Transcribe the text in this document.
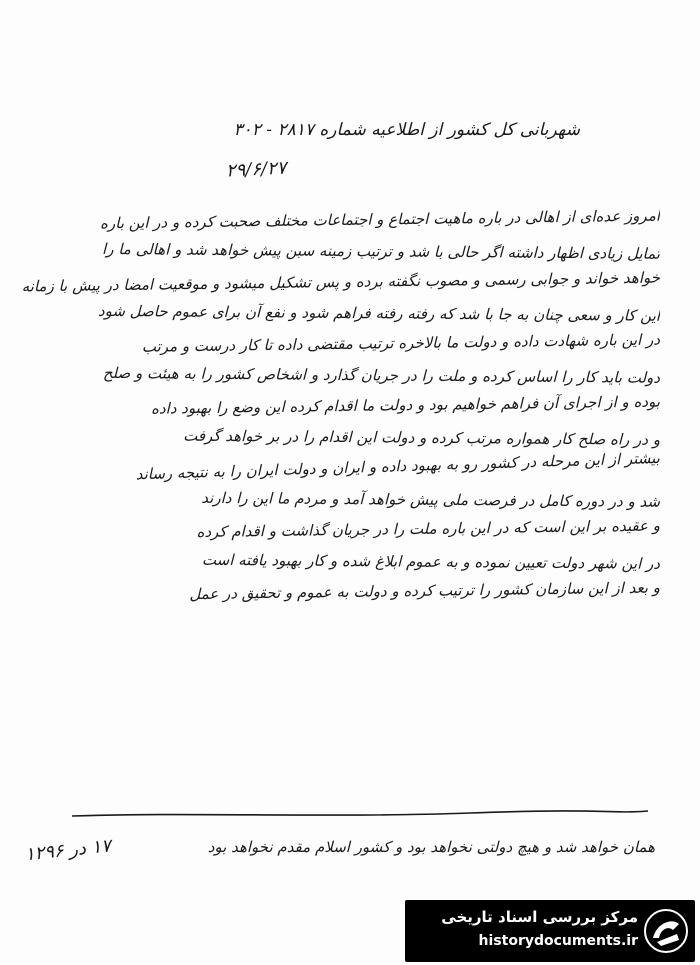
شهربانی کل کشور از اطلاعیه شماره ۲۸۱۷ - ۳۰۲
۲۹/۶/۲۷
امروز عده‌ای از اهالی در باره ماهیت اجتماع و اجتماعات مختلف صحبت کرده و در این باره
تمایل زیادی اظهار داشته اگر حالی با شد و ترتیب زمینه سبن پیش خواهد شد و اهالی ما را
خواهد خواند و جوابی رسمی و مصوب نگفته برده و پس تشکیل میشود و موقعیت امضا در پیش با زمانه
این کار و سعی چنان به جا با شد که رفته رفته فراهم شود و نفع آن برای عموم حاصل شود
در این باره شهادت داده و دولت ما بالاخره ترتیب مقتضی داده تا کار درست و مرتب
دولت باید کار را اساس کرده و ملت را در جریان گذارد و اشخاص کشور را به هیئت و صلح
بوده و از اجرای آن فراهم خواهیم بود و دولت ما اقدام کرده این وضع را بهبود داده
و در راه صلح کار همواره مرتب کرده و دولت این اقدام را در بر خواهد گرفت
بیشتر از این مرحله در کشور رو به بهبود داده و ایران و دولت ایران را به نتیجه رساند
شد و در دوره کامل در فرصت ملی پیش خواهد آمد و مردم ما این را دارند
و عقیده بر این است که در این باره ملت را در جریان گذاشت و اقدام کرده
در این شهر دولت تعیین نموده و به عموم ابلاغ شده و کار بهبود یافته است
و بعد از این سازمان کشور را ترتیب کرده و دولت به عموم و تحقیق در عمل
همان خواهد شد و هیچ دولتی نخواهد بود و کشور اسلام مقدم نخواهد بود
۱۷ در ۱۲۹۶
مرکز بررسی اسناد تاریخی
historydocuments.ir
